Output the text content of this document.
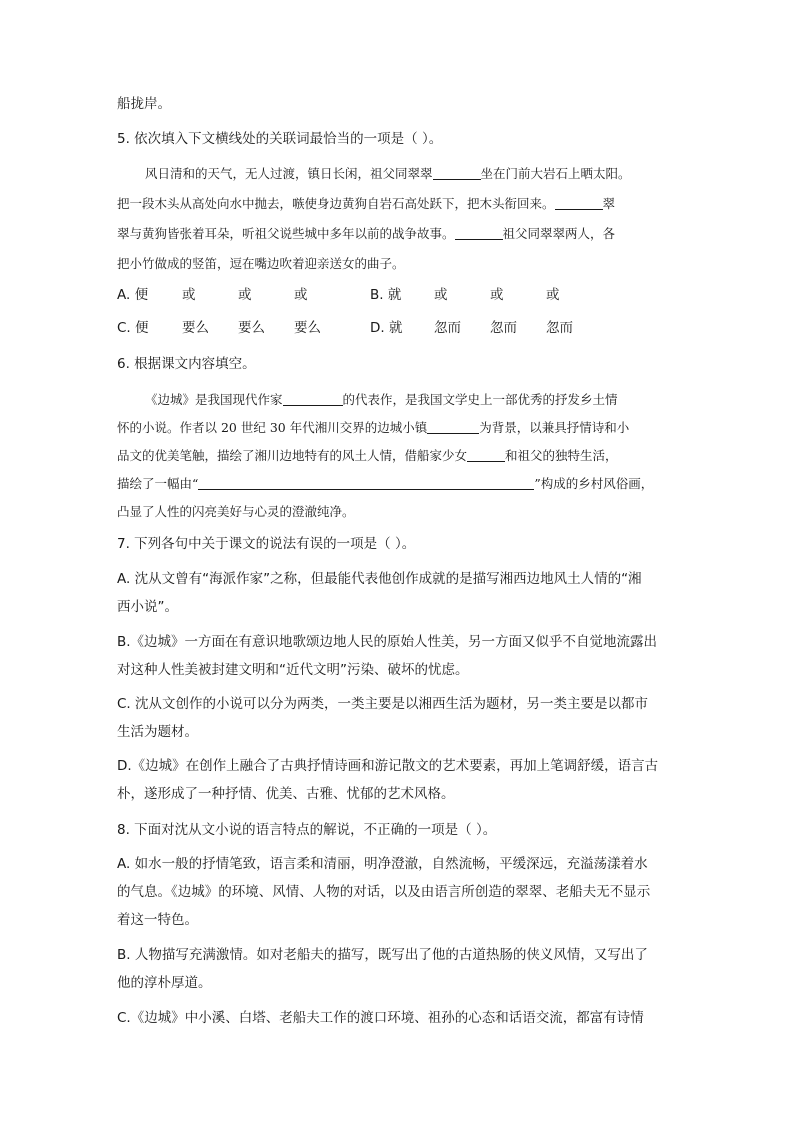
船拢岸。
5. 依次填入下文横线处的关联词最恰当的一项是（ ）。
风日清和的天气，无人过渡，镇日长闲，祖父同翠翠	坐在门前大岩石上晒太阳。
把一段木头从高处向水中抛去，嗾使身边黄狗自岩石高处跃下，把木头衔回来。	翠
翠与黄狗皆张着耳朵，听祖父说些城中多年以前的战争故事。	祖父同翠翠两人，各
把小竹做成的竖笛，逗在嘴边吹着迎亲送女的曲子。
A. 便	或	或	或	B. 就 或	或	或
C. 便 要么 要么 要么	D. 就 忽而 忽而 忽而
6. 根据课文内容填空。
《边城》是我国现代作家	的代表作，是我国文学史上一部优秀的抒发乡土情
怀的小说。作者以 20 世纪 30 年代湘川交界的边城小镇	为背景，以兼具抒情诗和小
品文的优美笔触，描绘了湘川边地特有的风土人情，借船家少女	和祖父的独特生活，
描绘了一幅由“	”构成的乡村风俗画，
凸显了人性的闪亮美好与心灵的澄澈纯净。
7. 下列各句中关于课文的说法有误的一项是（ ）。
A. 沈从文曾有“海派作家”之称，但最能代表他创作成就的是描写湘西边地风土人情的“湘
西小说”。
B.《边城》一方面在有意识地歌颂边地人民的原始人性美，另一方面又似乎不自觉地流露出
对这种人性美被封建文明和“近代文明”污染、破坏的忧虑。
C. 沈从文创作的小说可以分为两类，一类主要是以湘西生活为题材，另一类主要是以都市
生活为题材。
D.《边城》在创作上融合了古典抒情诗画和游记散文的艺术要素，再加上笔调舒缓，语言古
朴，遂形成了一种抒情、优美、古雅、忧郁的艺术风格。
8. 下面对沈从文小说的语言特点的解说，不正确的一项是（ ）。
A. 如水一般的抒情笔致，语言柔和清丽，明净澄澈，自然流畅，平缓深远，充溢荡漾着水
的气息。《边城》的环境、风情、人物的对话，以及由语言所创造的翠翠、老船夫无不显示
着这一特色。
B. 人物描写充满激情。如对老船夫的描写，既写出了他的古道热肠的侠义风情，又写出了
他的淳朴厚道。
C.《边城》中小溪、白塔、老船夫工作的渡口环境、祖孙的心态和话语交流，都富有诗情
